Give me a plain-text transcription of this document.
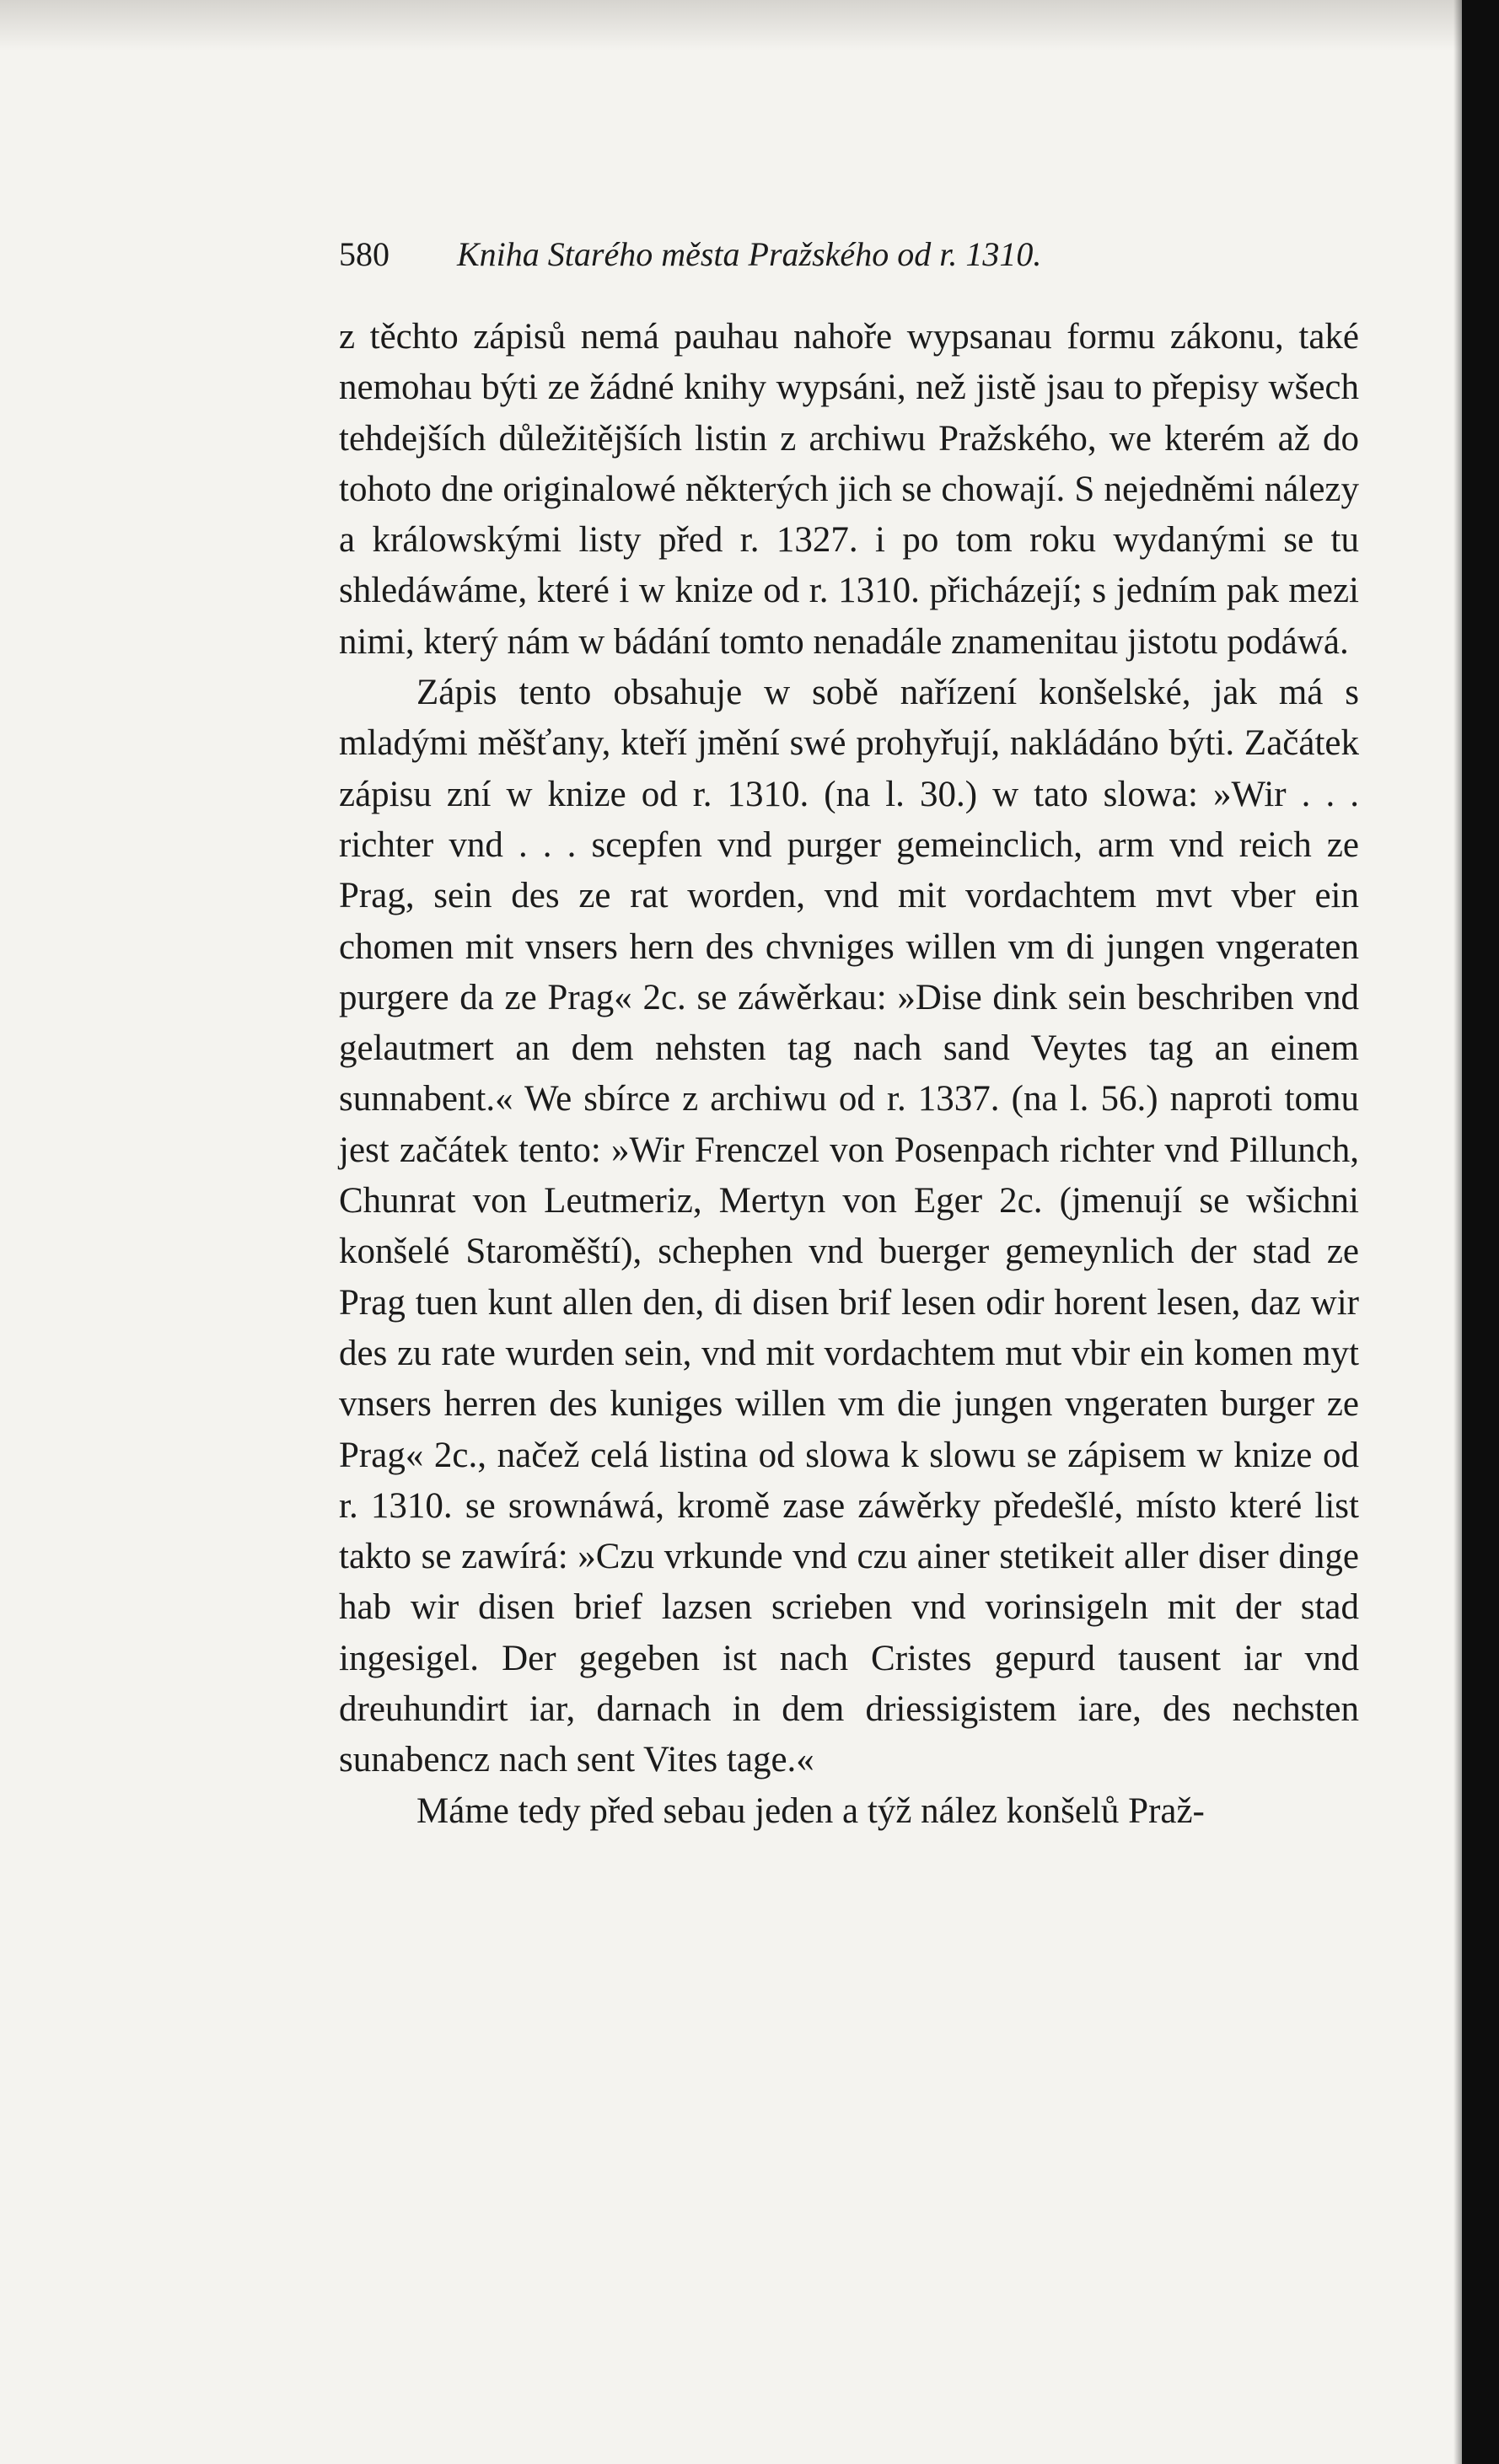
580 Kniha Starého města Pražského od r. 1310.

z těchto zápisů nemá pauhau nahoře wypsanau formu zákonu, také nemohau býti ze žádné knihy wypsáni, než jistě jsau to přepisy wšech tehdejších důležitějších listin z archiwu Pražského, we kterém až do tohoto dne originalowé některých jich se chowají. S nejedněmi nálezy a králowskými listy před r. 1327. i po tom roku wydanými se tu shledáwáme, které i w knize od r. 1310. přicházejí; s jedním pak mezi nimi, který nám w bádání tomto nenadále znamenitau jistotu podáwá.

Zápis tento obsahuje w sobě nařízení konšelské, jak má s mladými měšťany, kteří jmění swé prohyřují, nakládáno býti. Začátek zápisu zní w knize od r. 1310. (na l. 30.) w tato slowa: »Wir . . . richter vnd . . . scepfen vnd purger gemeinclich, arm vnd reich ze Prag, sein des ze rat worden, vnd mit vordachtem mvt vber ein chomen mit vnsers hern des chvniges willen vm di jungen vngeraten purgere da ze Prag« 2c. se záwěrkau: »Dise dink sein beschriben vnd gelautmert an dem nehsten tag nach sand Veytes tag an einem sunnabent.« We sbírce z archiwu od r. 1337. (na l. 56.) naproti tomu jest začátek tento: »Wir Frenczel von Posenpach richter vnd Pillunch, Chunrat von Leutmeriz, Mertyn von Eger 2c. (jmenují se wšichni konšelé Staroměští), schephen vnd buerger gemeynlich der stad ze Prag tuen kunt allen den, di disen brif lesen odir horent lesen, daz wir des zu rate wurden sein, vnd mit vordachtem mut vbir ein komen myt vnsers herren des kuniges willen vm die jungen vngeraten burger ze Prag« 2c., načež celá listina od slowa k slowu se zápisem w knize od r. 1310. se srownáwá, kromě zase záwěrky předešlé, místo které list takto se zawírá: »Czu vrkunde vnd czu ainer stetikeit aller diser dinge hab wir disen brief lazsen scrieben vnd vorinsigeln mit der stad ingesigel. Der gegeben ist nach Cristes gepurd tausent iar vnd dreuhundirt iar, darnach in dem driessigistem iare, des nechsten sunabencz nach sent Vites tage.«

Máme tedy před sebau jeden a týž nález konšelů Praž-
